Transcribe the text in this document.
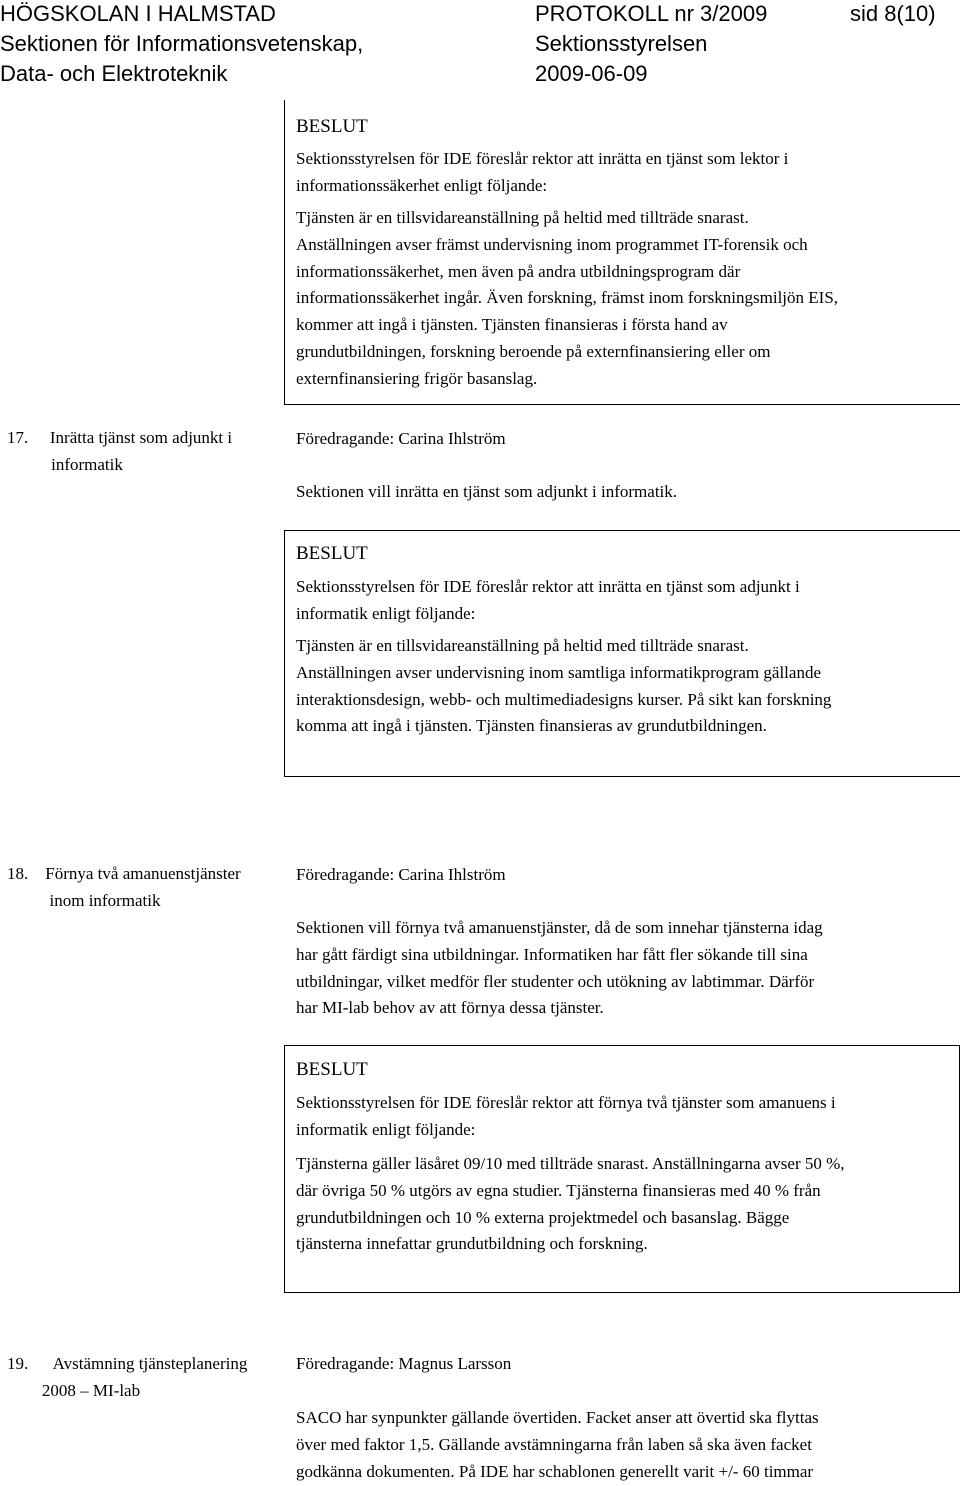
HÖGSKOLAN I HALMSTAD
Sektionen för Informationsvetenskap,
Data- och Elektroteknik
PROTOKOLL nr 3/2009
Sektionsstyrelsen
2009-06-09
sid 8(10)
BESLUT
Sektionsstyrelsen för IDE föreslår rektor att inrätta en tjänst som lektor i
informationssäkerhet enligt följande:
Tjänsten är en tillsvidareanställning på heltid med tillträde snarast.
Anställningen avser främst undervisning inom programmet IT-forensik och
informationssäkerhet, men även på andra utbildningsprogram där
informationssäkerhet ingår. Även forskning, främst inom forskningsmiljön EIS,
kommer att ingå i tjänsten. Tjänsten finansieras i första hand av
grundutbildningen, forskning beroende på externfinansiering eller om
externfinansiering frigör basanslag.
17.	Inrätta tjänst som adjunkt i
informatik
Föredragande: Carina Ihlström
Sektionen vill inrätta en tjänst som adjunkt i informatik.
BESLUT
Sektionsstyrelsen för IDE föreslår rektor att inrätta en tjänst som adjunkt i
informatik enligt följande:
Tjänsten är en tillsvidareanställning på heltid med tillträde snarast.
Anställningen avser undervisning inom samtliga informatikprogram gällande
interaktionsdesign, webb- och multimediadesigns kurser. På sikt kan forskning
komma att ingå i tjänsten. Tjänsten finansieras av grundutbildningen.
18.	Förnya två amanuenstjänster
inom informatik
Föredragande: Carina Ihlström
Sektionen vill förnya två amanuenstjänster, då de som innehar tjänsterna idag
har gått färdigt sina utbildningar. Informatiken har fått fler sökande till sina
utbildningar, vilket medför fler studenter och utökning av labtimmar. Därför
har MI-lab behov av att förnya dessa tjänster.
BESLUT
Sektionsstyrelsen för IDE föreslår rektor att förnya två tjänster som amanuens i
informatik enligt följande:
Tjänsterna gäller läsåret 09/10 med tillträde snarast. Anställningarna avser 50 %,
där övriga 50 % utgörs av egna studier. Tjänsterna finansieras med 40 % från
grundutbildningen och 10 % externa projektmedel och basanslag. Bägge
tjänsterna innefattar grundutbildning och forskning.
19.	Avstämning tjänsteplanering
2008 – MI-lab
Föredragande: Magnus Larsson
SACO har synpunkter gällande övertiden. Facket anser att övertid ska flyttas
över med faktor 1,5. Gällande avstämningarna från laben så ska även facket
godkänna dokumenten. På IDE har schablonen generellt varit +/- 60 timmar
